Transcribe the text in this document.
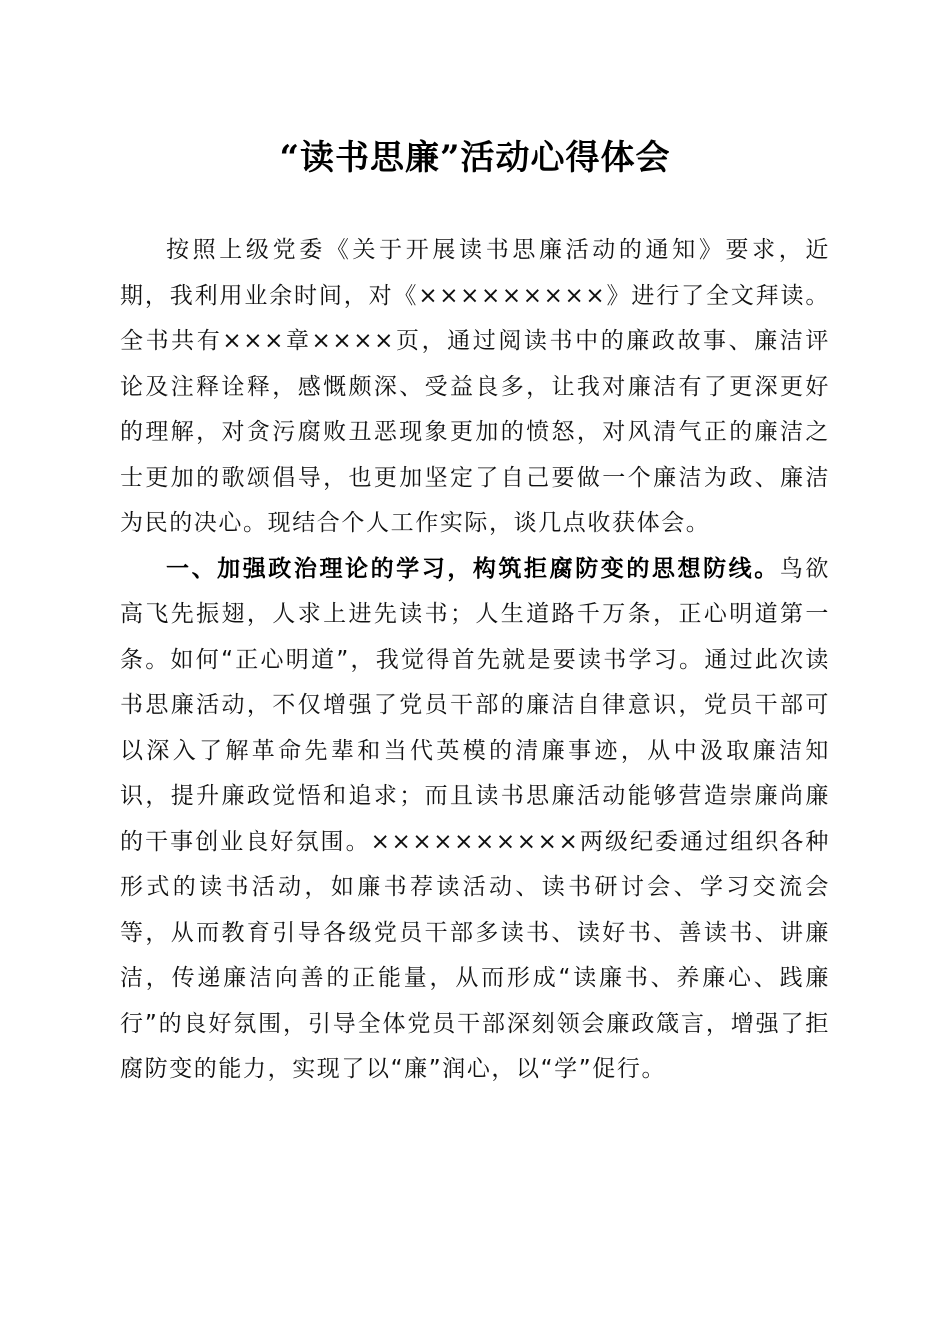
“读书思廉”活动心得体会

按照上级党委《关于开展读书思廉活动的通知》要求，近期，我利用业余时间，对《×××××××××》进行了全文拜读。全书共有×××章××××页，通过阅读书中的廉政故事、廉洁评论及注释诠释，感慨颇深、受益良多，让我对廉洁有了更深更好的理解，对贪污腐败丑恶现象更加的愤怒，对风清气正的廉洁之士更加的歌颂倡导，也更加坚定了自己要做一个廉洁为政、廉洁为民的决心。现结合个人工作实际，谈几点收获体会。

一、加强政治理论的学习，构筑拒腐防变的思想防线。鸟欲高飞先振翅，人求上进先读书；人生道路千万条，正心明道第一条。如何“正心明道”，我觉得首先就是要读书学习。通过此次读书思廉活动，不仅增强了党员干部的廉洁自律意识，党员干部可以深入了解革命先辈和当代英模的清廉事迹，从中汲取廉洁知识，提升廉政觉悟和追求；而且读书思廉活动能够营造崇廉尚廉的干事创业良好氛围。××××××××××两级纪委通过组织各种形式的读书活动，如廉书荐读活动、读书研讨会、学习交流会等，从而教育引导各级党员干部多读书、读好书、善读书、讲廉洁，传递廉洁向善的正能量，从而形成“读廉书、养廉心、践廉行”的良好氛围，引导全体党员干部深刻领会廉政箴言，增强了拒腐防变的能力，实现了以“廉”润心，以“学”促行。
